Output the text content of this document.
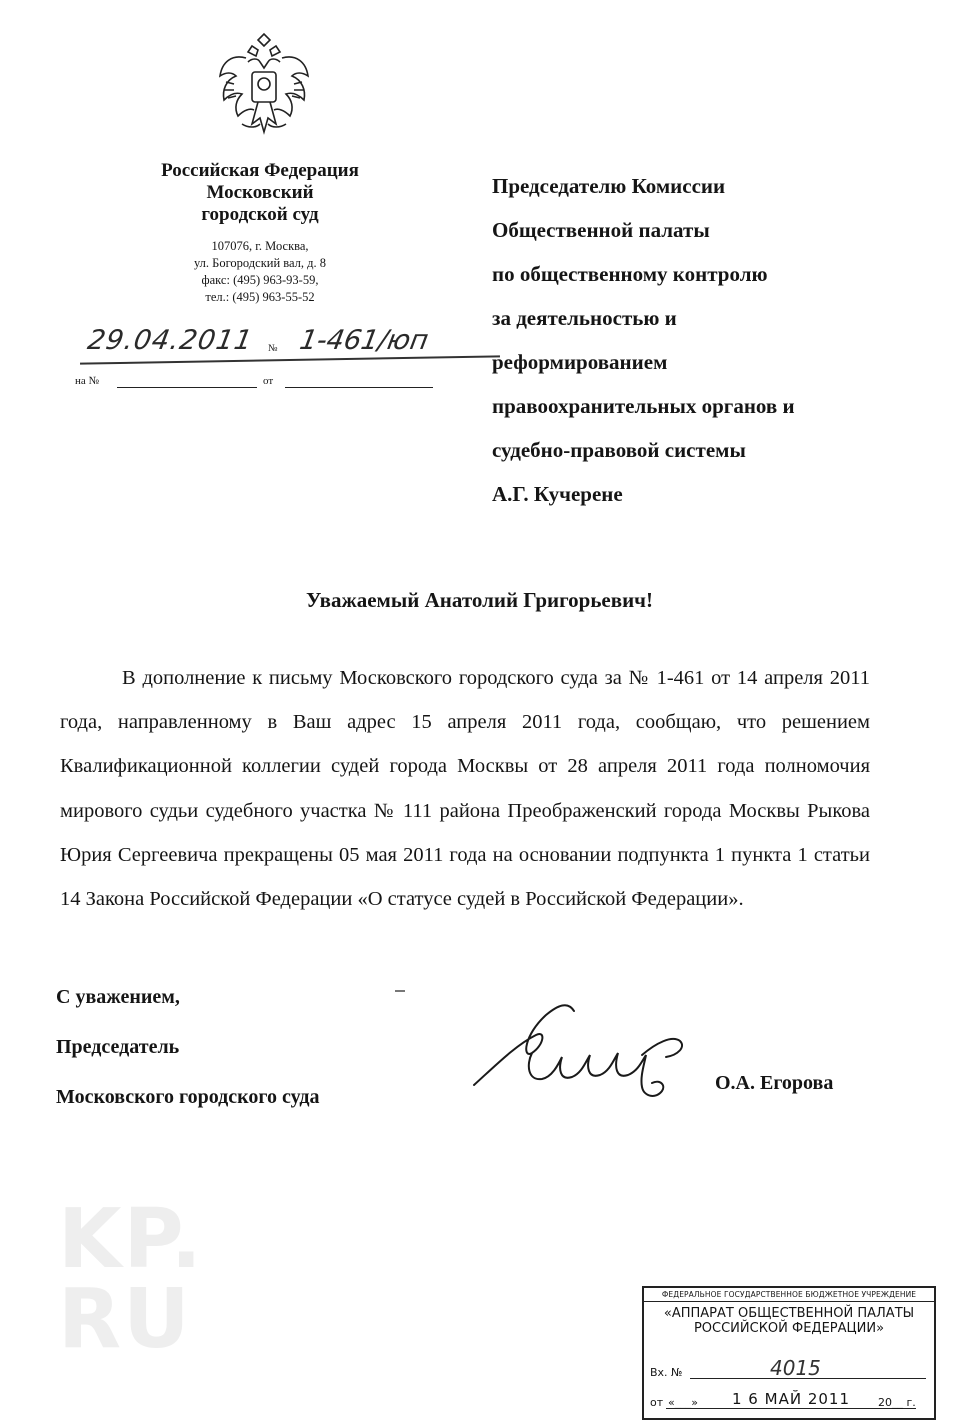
Российская Федерация
Московский
городской суд
107076, г. Москва,
ул. Богородский вал, д. 8
факс: (495) 963-93-59,
тел.: (495) 963-55-52
29.04.2011 № 1-461/юп
на №	от
Председателю Комиссии
Общественной палаты
по общественному контролю
за деятельностью и
реформированием
правоохранительных органов и
судебно-правовой системы
А.Г. Кучерене
Уважаемый Анатолий Григорьевич!
В дополнение к письму Московского городского суда за № 1-461 от 14 апреля 2011 года, направленному в Ваш адрес 15 апреля 2011 года, сообщаю, что решением Квалификационной коллегии судей города Москвы от 28 апреля 2011 года полномочия мирового судьи судебного участка № 111 района Преображенский города Москвы Рыкова Юрия Сергеевича прекращены 05 мая 2011 года на основании подпункта 1 пункта 1 статьи 14 Закона Российской Федерации «О статусе судей в Российской Федерации».
С уважением,
Председатель
Московского городского суда
О.А. Егорова
KP.
RU	ФЕДЕРАЛЬНОЕ ГОСУДАРСТВЕННОЕ БЮДЖЕТНОЕ УЧРЕЖДЕНИЕ
«АППАРАТ ОБЩЕСТВЕННОЙ ПАЛАТЫ
РОССИЙСКОЙ ФЕДЕРАЦИИ»
Вх. №	4015
от «___» 1 6 МАЙ 2011	20__ г.
